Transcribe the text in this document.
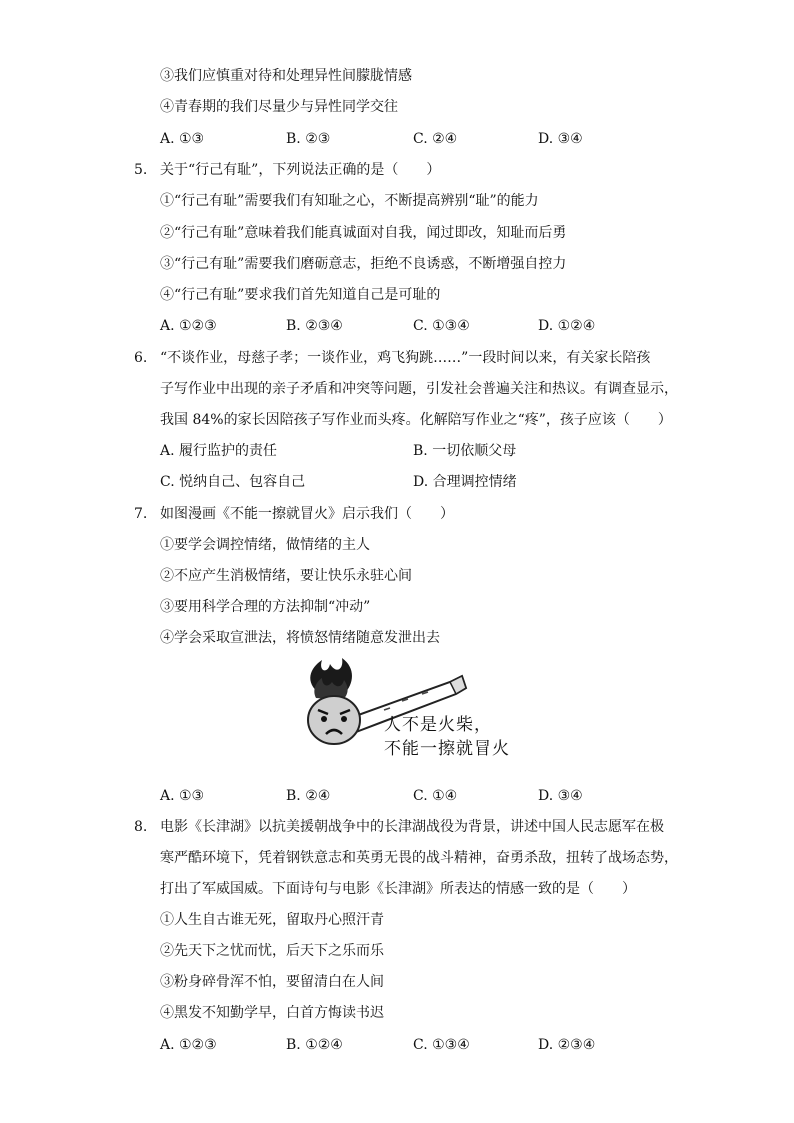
③我们应慎重对待和处理异性间朦胧情感
④青春期的我们尽量少与异性同学交往
A. ①③	B. ②③	C. ②④	D. ③④
5. 关于“行己有耻”，下列说法正确的是（　　）
①“行己有耻”需要我们有知耻之心，不断提高辨别“耻”的能力
②“行己有耻”意味着我们能真诚面对自我，闻过即改，知耻而后勇
③“行己有耻”需要我们磨砺意志，拒绝不良诱惑，不断增强自控力
④“行己有耻”要求我们首先知道自己是可耻的
A. ①②③	B. ②③④	C. ①③④	D. ①②④
6. “不谈作业，母慈子孝；一谈作业，鸡飞狗跳……”一段时间以来，有关家长陪孩
子写作业中出现的亲子矛盾和冲突等问题，引发社会普遍关注和热议。有调查显示，
我国 84%的家长因陪孩子写作业而头疼。化解陪写作业之“疼”，孩子应该（　　）
A. 履行监护的责任	B. 一切依顺父母
C. 悦纳自己、包容自己	D. 合理调控情绪
7. 如图漫画《不能一擦就冒火》启示我们（　　）
①要学会调控情绪，做情绪的主人
②不应产生消极情绪，要让快乐永驻心间
③要用科学合理的方法抑制“冲动”
④学会采取宣泄法，将愤怒情绪随意发泄出去
人不是火柴，
不能一擦就冒火
A. ①③	B. ②④	C. ①④	D. ③④
8. 电影《长津湖》以抗美援朝战争中的长津湖战役为背景，讲述中国人民志愿军在极
寒严酷环境下，凭着钢铁意志和英勇无畏的战斗精神，奋勇杀敌，扭转了战场态势，
打出了军威国威。下面诗句与电影《长津湖》所表达的情感一致的是（　　）
①人生自古谁无死，留取丹心照汗青
②先天下之忧而忧，后天下之乐而乐
③粉身碎骨浑不怕，要留清白在人间
④黑发不知勤学早，白首方悔读书迟
A. ①②③	B. ①②④	C. ①③④	D. ②③④
